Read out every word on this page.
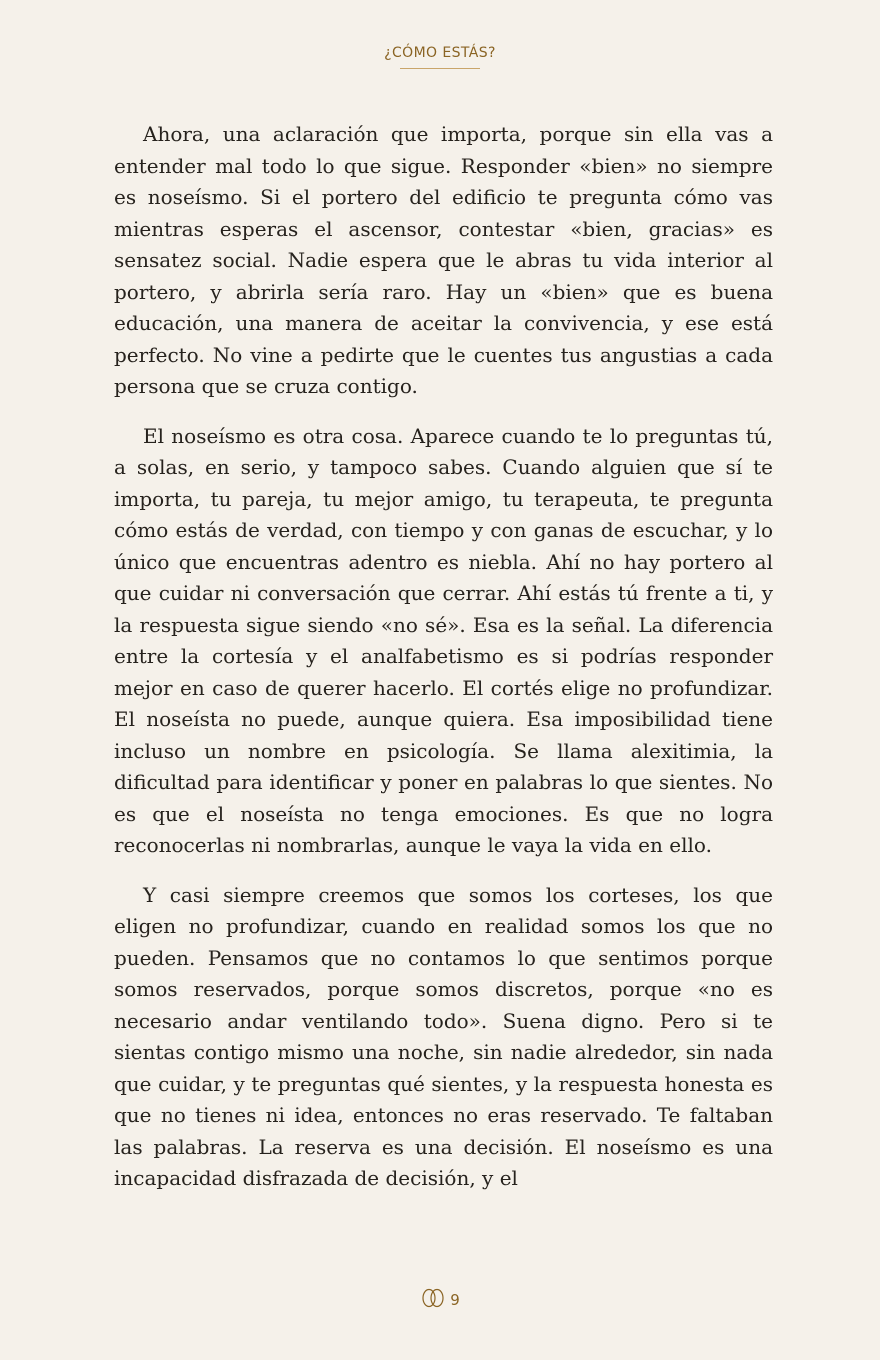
¿CÓMO ESTÁS?

Ahora, una aclaración que importa, porque sin ella vas a entender mal todo lo que sigue. Responder «bien» no siempre es noseísmo. Si el portero del edificio te pregunta cómo vas mientras esperas el ascensor, contestar «bien, gracias» es sensatez social. Nadie espera que le abras tu vida interior al portero, y abrirla sería raro. Hay un «bien» que es buena educación, una manera de aceitar la convivencia, y ese está perfecto. No vine a pedirte que le cuentes tus angustias a cada persona que se cruza contigo.

El noseísmo es otra cosa. Aparece cuando te lo preguntas tú, a solas, en serio, y tampoco sabes. Cuando alguien que sí te importa, tu pareja, tu mejor amigo, tu terapeuta, te pregunta cómo estás de verdad, con tiempo y con ganas de escuchar, y lo único que encuentras adentro es niebla. Ahí no hay portero al que cuidar ni conversación que cerrar. Ahí estás tú frente a ti, y la respuesta sigue siendo «no sé». Esa es la señal. La diferencia entre la cortesía y el analfabetismo es si podrías responder mejor en caso de querer hacerlo. El cortés elige no profundizar. El noseísta no puede, aunque quiera. Esa imposibilidad tiene incluso un nombre en psicología. Se llama alexitimia, la dificultad para identificar y poner en palabras lo que sientes. No es que el noseísta no tenga emociones. Es que no logra reconocerlas ni nombrarlas, aunque le vaya la vida en ello.

Y casi siempre creemos que somos los corteses, los que eligen no profundizar, cuando en realidad somos los que no pueden. Pensamos que no contamos lo que sentimos porque somos reservados, porque somos discretos, porque «no es necesario andar ventilando todo». Suena digno. Pero si te sientas contigo mismo una noche, sin nadie alrededor, sin nada que cuidar, y te preguntas qué sientes, y la respuesta honesta es que no tienes ni idea, entonces no eras reservado. Te faltaban las palabras. La reserva es una decisión. El noseísmo es una incapacidad disfrazada de decisión, y el

9
